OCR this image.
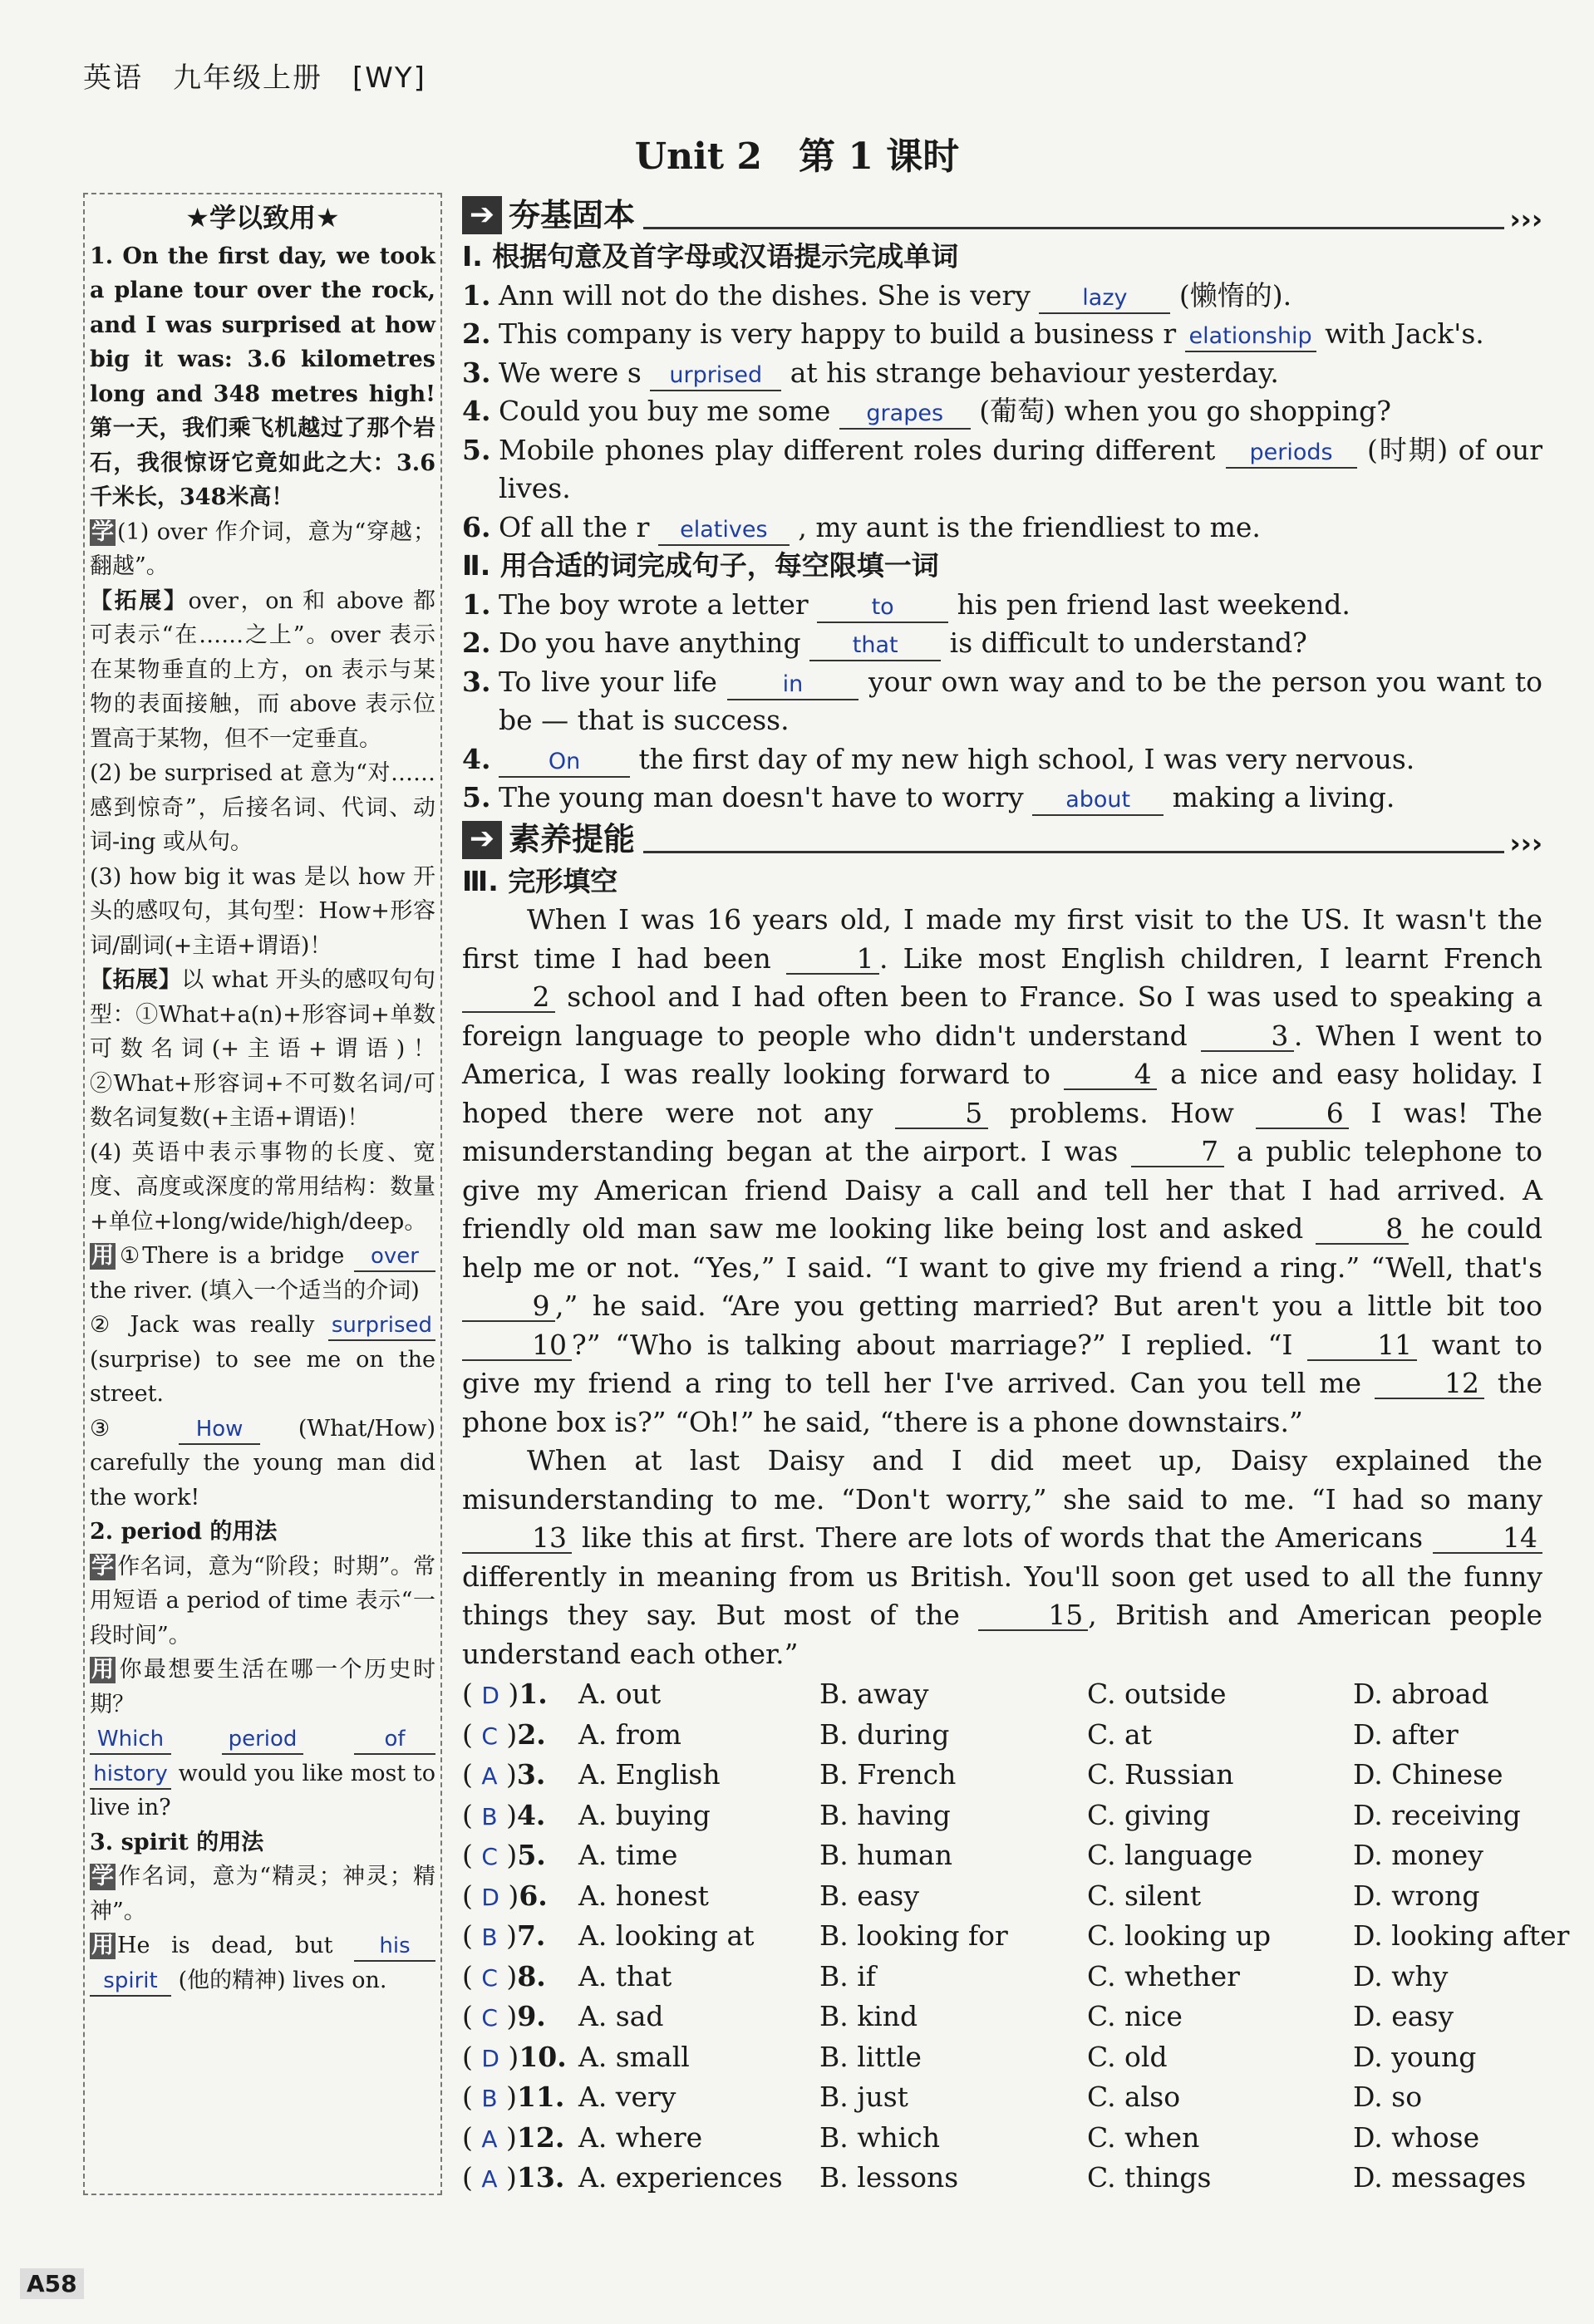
英语　九年级上册　[WY]
Unit 2　第 1 课时
★学以致用★
1. On the first day, we took a plane tour over the rock, and I was surprised at how big it was: 3.6 kilometres long and 348 metres high! 第一天，我们乘飞机越过了那个岩石，我很惊讶它竟如此之大：3.6千米长，348米高！
学 (1) over 作介词，意为“穿越；翻越”。
【拓展】over，on 和 above 都可表示“在……之上”。over 表示在某物垂直的上方，on 表示与某物的表面接触，而 above 表示位置高于某物，但不一定垂直。
(2) be surprised at 意为“对……感到惊奇”，后接名词、代词、动词-ing 或从句。
(3) how big it was 是以 how 开头的感叹句，其句型：How+形容词/副词(+主语+谓语)！
【拓展】以 what 开头的感叹句句型：①What+a(n)+形容词+单数可数名词(+主语+谓语)！②What+形容词+不可数名词/可数名词复数(+主语+谓语)！
(4) 英语中表示事物的长度、宽度、高度或深度的常用结构：数量+单位+long/wide/high/deep。
用 ①There is a bridge over the river. (填入一个适当的介词)
② Jack was really surprised (surprise) to see me on the street.
③	How (What/How) carefully the young man did the work!
2. period 的用法
学 作名词，意为“阶段；时期”。常用短语 a period of time 表示“一段时间”。
用 你最想要生活在哪一个历史时期？
Which	period	of history would you like most to live in?
3. spirit 的用法
学 作名词，意为“精灵；神灵；精神”。
用 He is dead, but his spirit (他的精神) lives on.
➔ 夯基固本	›››
Ⅰ. 根据句意及首字母或汉语提示完成单词
1. Ann will not do the dishes. She is very lazy (懒惰的).
2. This company is very happy to build a business r elationship with Jack's.
3. We were s urprised at his strange behaviour yesterday.
4. Could you buy me some grapes (葡萄) when you go shopping?
5. Mobile phones play different roles during different periods (时期) of our lives.
6. Of all the r elatives , my aunt is the friendliest to me.
Ⅱ. 用合适的词完成句子，每空限填一词
1. The boy wrote a letter to his pen friend last weekend.
2. Do you have anything that is difficult to understand?
3. To live your life in your own way and to be the person you want to be — that is success.
4.	On the first day of my new high school, I was very nervous.
5. The young man doesn't have to worry about making a living.
➔ 素养提能	›››
Ⅲ. 完形填空
When I was 16 years old, I made my first visit to the US. It wasn't the first time I had been	1 . Like most English children, I learnt French 2 school and I had often been to France. So I was used to speaking a foreign language to people who didn't understand	3 . When I went to America, I was really looking forward to	4 a nice and easy holiday. I hoped there were not any	5 problems. How	6 I was! The misunderstanding began at the airport. I was	7 a public telephone to give my American friend Daisy a call and tell her that I had arrived. A friendly old man saw me looking like being lost and asked	8 he could help me or not. “Yes,” I said. “I want to give my friend a ring.” “Well, that's 9 ,” he said. “Are you getting married? But aren't you a little bit too 10 ?” “Who is talking about marriage?” I replied. “I	11 want to give my friend a ring to tell her I've arrived. Can you tell me	12 the phone box is?” “Oh!” he said, “there is a phone downstairs.”
When at last Daisy and I did meet up, Daisy explained the misunderstanding to me. “Don't worry,” she said to me. “I had so many 13 like this at first. There are lots of words that the Americans	14 differently in meaning from us British. You'll soon get used to all the funny things they say. But most of the	15 , British and American people understand each other.”
( D )1.	A. out	B. away	C. outside	D. abroad
( C )2.	A. from	B. during	C. at	D. after
( A )3.	A. English	B. French	C. Russian	D. Chinese
( B )4.	A. buying	B. having	C. giving	D. receiving
( C )5.	A. time	B. human	C. language	D. money
( D )6.	A. honest	B. easy	C. silent	D. wrong
( B )7.	A. looking at	B. looking for	C. looking up	D. looking after
( C )8.	A. that	B. if	C. whether	D. why
( C )9.	A. sad	B. kind	C. nice	D. easy
( D )10. A. small	B. little	C. old	D. young
( B )11. A. very	B. just	C. also	D. so
( A )12. A. where	B. which	C. when	D. whose
( A )13. A. experiences	B. lessons	C. things	D. messages
A58
